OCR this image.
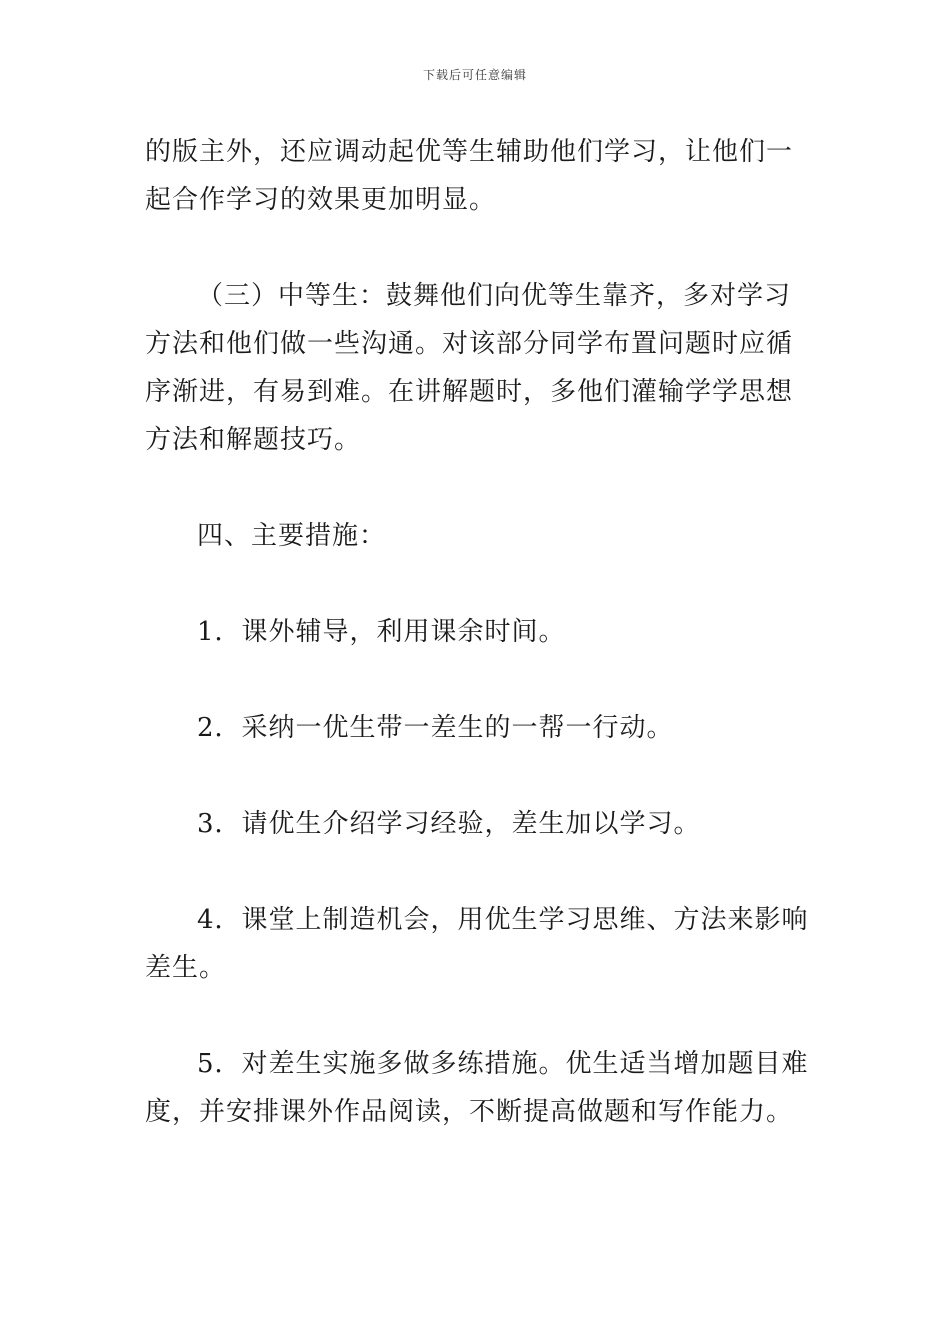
下载后可任意编辑

的版主外，还应调动起优等生辅助他们学习，让他们一起合作学习的效果更加明显。

（三）中等生：鼓舞他们向优等生靠齐，多对学习方法和他们做一些沟通。对该部分同学布置问题时应循序渐进，有易到难。在讲解题时，多他们灌输学学思想方法和解题技巧。

四、主要措施：

1．课外辅导，利用课余时间。

2．采纳一优生带一差生的一帮一行动。

3．请优生介绍学习经验，差生加以学习。

4．课堂上制造机会，用优生学习思维、方法来影响差生。

5．对差生实施多做多练措施。优生适当增加题目难度，并安排课外作品阅读，不断提高做题和写作能力。
